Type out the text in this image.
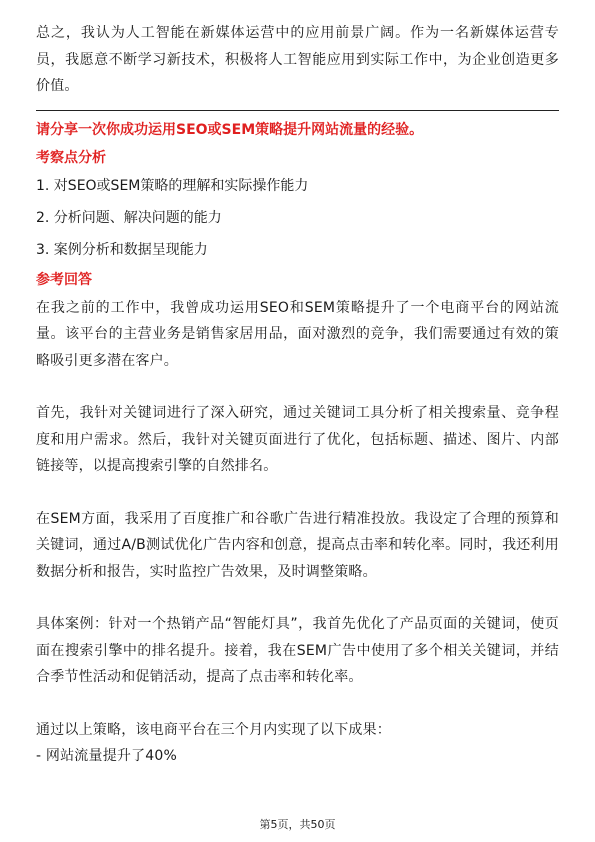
总之，我认为人工智能在新媒体运营中的应用前景广阔。作为一名新媒体运营专员，我愿意不断学习新技术，积极将人工智能应用到实际工作中，为企业创造更多价值。

请分享一次你成功运用SEO或SEM策略提升网站流量的经验。

考察点分析

1. 对SEO或SEM策略的理解和实际操作能力

2. 分析问题、解决问题的能力

3. 案例分析和数据呈现能力

参考回答

在我之前的工作中，我曾成功运用SEO和SEM策略提升了一个电商平台的网站流量。该平台的主营业务是销售家居用品，面对激烈的竞争，我们需要通过有效的策略吸引更多潜在客户。

首先，我针对关键词进行了深入研究，通过关键词工具分析了相关搜索量、竞争程度和用户需求。然后，我针对关键页面进行了优化，包括标题、描述、图片、内部链接等，以提高搜索引擎的自然排名。

在SEM方面，我采用了百度推广和谷歌广告进行精准投放。我设定了合理的预算和关键词，通过A/B测试优化广告内容和创意，提高点击率和转化率。同时，我还利用数据分析和报告，实时监控广告效果，及时调整策略。

具体案例：针对一个热销产品“智能灯具”，我首先优化了产品页面的关键词，使页面在搜索引擎中的排名提升。接着，我在SEM广告中使用了多个相关关键词，并结合季节性活动和促销活动，提高了点击率和转化率。

通过以上策略，该电商平台在三个月内实现了以下成果：

- 网站流量提升了40%

第5页，共50页
